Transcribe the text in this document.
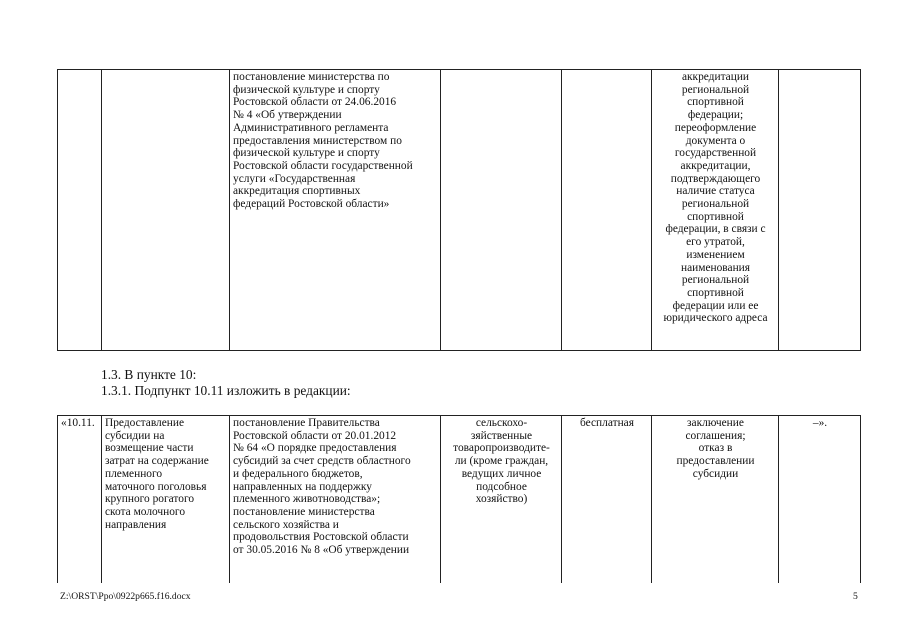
		постановление министерства по
физической культуре и спорту
Ростовской области от 24.06.2016
№ 4 «Об утверждении
Административного регламента
предоставления министерством по
физической культуре и спорту
Ростовской области государственной
услуги «Государственная
аккредитация спортивных
федераций Ростовской области»			аккредитации
региональной
спортивной
федерации;
переоформление
документа о
государственной
аккредитации,
подтверждающего
наличие статуса
региональной
спортивной
федерации, в связи с
его утратой,
изменением
наименования
региональной
спортивной
федерации или ее
юридического адреса	
1.3. В пункте 10:
1.3.1. Подпункт 10.11 изложить в редакции:
«10.11.	Предоставление
субсидии на
возмещение части
затрат на содержание
племенного
маточного поголовья
крупного рогатого
скота молочного
направления	постановление Правительства
Ростовской области от 20.01.2012
№ 64 «О порядке предоставления
субсидий за счет средств областного
и федерального бюджетов,
направленных на поддержку
племенного животноводства»;
постановление министерства
сельского хозяйства и
продовольствия Ростовской области
от 30.05.2016 № 8 «Об утверждении	сельскохо-
зяйственные
товаропроизводите-
ли (кроме граждан,
ведущих личное
подсобное
хозяйство)	бесплатная	заключение
соглашения;
отказ в
предоставлении
субсидии	–».
Z:\ORST\Ppo\0922p665.f16.docx	5
